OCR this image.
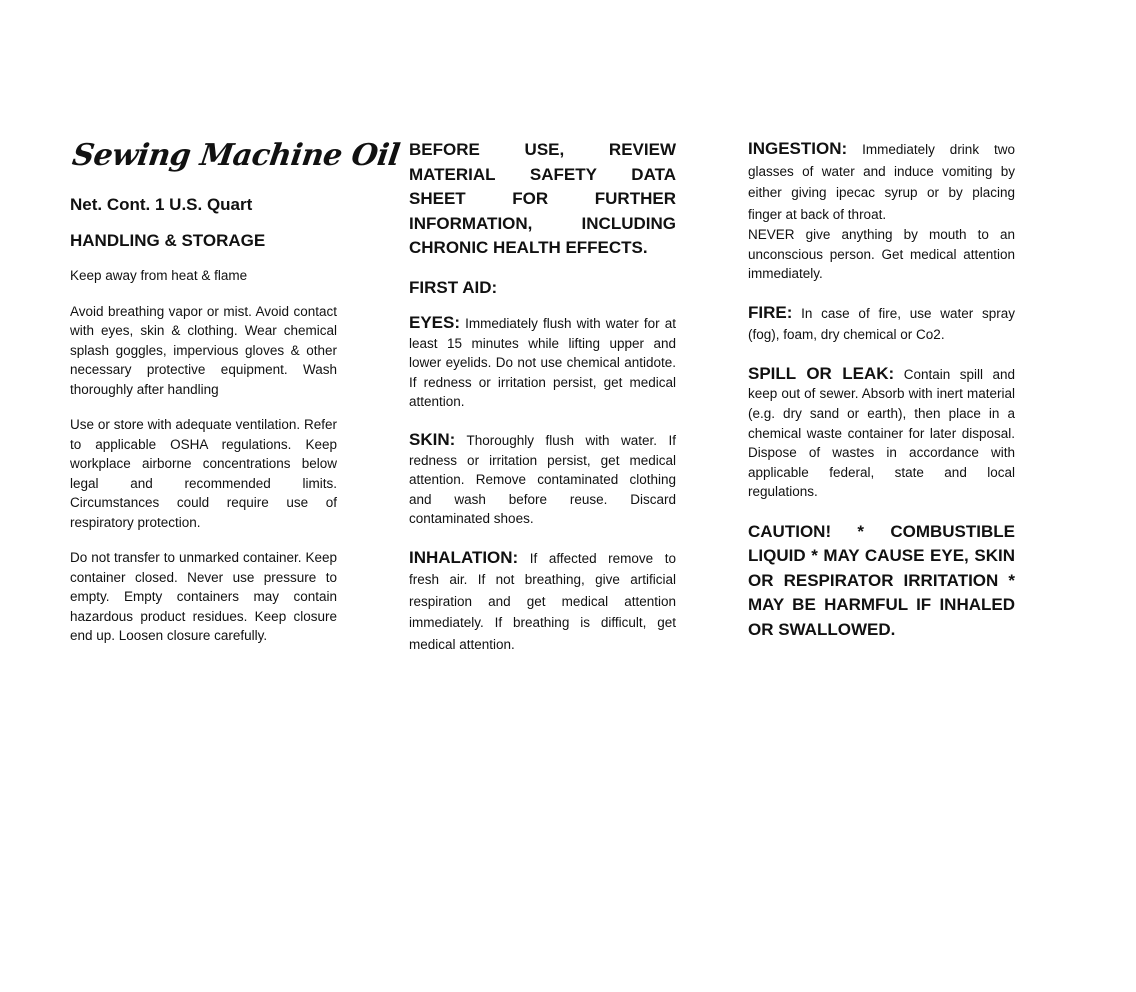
Sewing Machine Oil
Net. Cont. 1 U.S. Quart
HANDLING & STORAGE

Keep away from heat & flame

Avoid breathing vapor or mist. Avoid contact with eyes, skin & clothing. Wear chemical splash goggles, impervious gloves & other necessary protective equipment. Wash thoroughly after handling

Use or store with adequate ventilation. Refer to applicable OSHA regulations. Keep workplace airborne concentrations below legal and recommended limits. Circumstances could require use of respiratory protection.

Do not transfer to unmarked container. Keep container closed. Never use pressure to empty. Empty containers may contain hazardous product residues. Keep closure end up. Loosen closure carefully.

BEFORE USE, REVIEW MATERIAL SAFETY DATA SHEET FOR FURTHER INFORMATION, INCLUDING CHRONIC HEALTH EFFECTS.

FIRST AID:

EYES: Immediately flush with water for at least 15 minutes while lifting upper and lower eyelids. Do not use chemical antidote. If redness or irritation persist, get medical attention.

SKIN: Thoroughly flush with water. If redness or irritation persist, get medical attention. Remove contaminated clothing and wash before reuse. Discard contaminated shoes.

INHALATION: If affected remove to fresh air. If not breathing, give artificial respiration and get medical attention immediately. If breathing is difficult, get medical attention.

INGESTION: Immediately drink two glasses of water and induce vomiting by either giving ipecac syrup or by placing finger at back of throat.

NEVER give anything by mouth to an unconscious person. Get medical attention immediately.

FIRE: In case of fire, use water spray (fog), foam, dry chemical or Co2.

SPILL OR LEAK: Contain spill and keep out of sewer. Absorb with inert material (e.g. dry sand or earth), then place in a chemical waste container for later disposal. Dispose of wastes in accordance with applicable federal, state and local regulations.

CAUTION! * COMBUSTIBLE LIQUID * MAY CAUSE EYE, SKIN OR RESPIRATOR IRRITATION * MAY BE HARMFUL IF INHALED OR SWALLOWED.
